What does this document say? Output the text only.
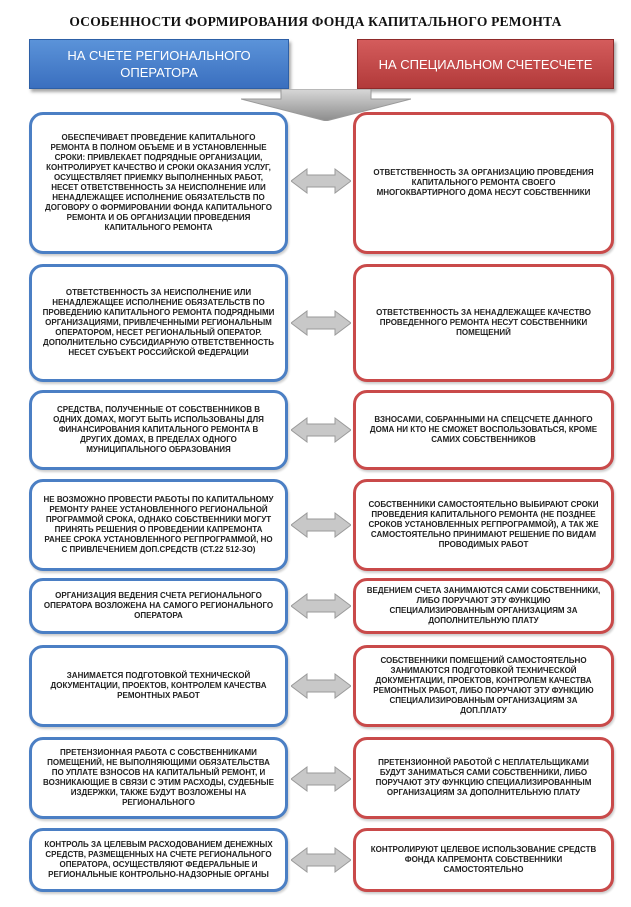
ОСОБЕННОСТИ ФОРМИРОВАНИЯ ФОНДА КАПИТАЛЬНОГО РЕМОНТА
НА СЧЕТЕ РЕГИОНАЛЬНОГО ОПЕРАТОРА
НА СПЕЦИАЛЬНОМ СЧЕТЕСЧЕТЕ
ОБЕСПЕЧИВАЕТ ПРОВЕДЕНИЕ КАПИТАЛЬНОГО РЕМОНТА В ПОЛНОМ ОБЪЕМЕ И В УСТАНОВЛЕННЫЕ СРОКИ: ПРИВЛЕКАЕТ ПОДРЯДНЫЕ ОРГАНИЗАЦИИ, КОНТРОЛИРУЕТ КАЧЕСТВО И СРОКИ ОКАЗАНИЯ УСЛУГ, ОСУЩЕСТВЛЯЕТ ПРИЕМКУ ВЫПОЛНЕННЫХ РАБОТ, НЕСЕТ ОТВЕТСТВЕННОСТЬ ЗА НЕИСПОЛНЕНИЕ ИЛИ НЕНАДЛЕЖАЩЕЕ ИСПОЛНЕНИЕ ОБЯЗАТЕЛЬСТВ ПО ДОГОВОРУ О ФОРМИРОВАНИИ ФОНДА КАПИТАЛЬНОГО РЕМОНТА И ОБ ОРГАНИЗАЦИИ ПРОВЕДЕНИЯ КАПИТАЛЬНОГО РЕМОНТА
ОТВЕТСТВЕННОСТЬ ЗА ОРГАНИЗАЦИЮ ПРОВЕДЕНИЯ КАПИТАЛЬНОГО РЕМОНТА СВОЕГО МНОГОКВАРТИРНОГО ДОМА НЕСУТ СОБСТВЕННИКИ
ОТВЕТСТВЕННОСТЬ ЗА НЕИСПОЛНЕНИЕ ИЛИ НЕНАДЛЕЖАЩЕЕ ИСПОЛНЕНИЕ ОБЯЗАТЕЛЬСТВ ПО ПРОВЕДЕНИЮ КАПИТАЛЬНОГО РЕМОНТА ПОДРЯДНЫМИ ОРГАНИЗАЦИЯМИ, ПРИВЛЕЧЕННЫМИ РЕГИОНАЛЬНЫМ ОПЕРАТОРОМ, НЕСЕТ РЕГИОНАЛЬНЫЙ ОПЕРАТОР. ДОПОЛНИТЕЛЬНО СУБСИДИАРНУЮ ОТВЕТСТВЕННОСТЬ НЕСЕТ СУБЪЕКТ РОССИЙСКОЙ ФЕДЕРАЦИИ
ОТВЕТСТВЕННОСТЬ ЗА НЕНАДЛЕЖАЩЕЕ КАЧЕСТВО ПРОВЕДЕННОГО РЕМОНТА НЕСУТ СОБСТВЕННИКИ ПОМЕЩЕНИЙ
СРЕДСТВА, ПОЛУЧЕННЫЕ ОТ СОБСТВЕННИКОВ В ОДНИХ ДОМАХ, МОГУТ БЫТЬ ИСПОЛЬЗОВАНЫ ДЛЯ ФИНАНСИРОВАНИЯ КАПИТАЛЬНОГО РЕМОНТА В ДРУГИХ ДОМАХ, В ПРЕДЕЛАХ ОДНОГО МУНИЦИПАЛЬНОГО ОБРАЗОВАНИЯ
ВЗНОСАМИ, СОБРАННЫМИ НА СПЕЦСЧЕТЕ ДАННОГО ДОМА НИ КТО НЕ СМОЖЕТ ВОСПОЛЬЗОВАТЬСЯ, КРОМЕ САМИХ СОБСТВЕННИКОВ
НЕ ВОЗМОЖНО ПРОВЕСТИ РАБОТЫ ПО КАПИТАЛЬНОМУ РЕМОНТУ РАНЕЕ УСТАНОВЛЕННОГО РЕГИОНАЛЬНОЙ ПРОГРАММОЙ СРОКА, ОДНАКО СОБСТВЕННИКИ МОГУТ ПРИНЯТЬ РЕШЕНИЯ О ПРОВЕДЕНИИ КАПРЕМОНТА РАНЕЕ СРОКА УСТАНОВЛЕННОГО РЕГПРОГРАММОЙ, НО С ПРИВЛЕЧЕНИЕМ ДОП.СРЕДСТВ (СТ.22 512-ЗО)
СОБСТВЕННИКИ САМОСТОЯТЕЛЬНО ВЫБИРАЮТ СРОКИ ПРОВЕДЕНИЯ КАПИТАЛЬНОГО РЕМОНТА (НЕ ПОЗДНЕЕ СРОКОВ УСТАНОВЛЕННЫХ РЕГПРОГРАММОЙ), А ТАК ЖЕ САМОСТОЯТЕЛЬНО ПРИНИМАЮТ РЕШЕНИЕ ПО ВИДАМ ПРОВОДИМЫХ РАБОТ
ОРГАНИЗАЦИЯ ВЕДЕНИЯ СЧЕТА РЕГИОНАЛЬНОГО ОПЕРАТОРА ВОЗЛОЖЕНА НА САМОГО РЕГИОНАЛЬНОГО ОПЕРАТОРА
ВЕДЕНИЕМ СЧЕТА ЗАНИМАЮТСЯ САМИ СОБСТВЕННИКИ, ЛИБО ПОРУЧАЮТ ЭТУ ФУНКЦИЮ СПЕЦИАЛИЗИРОВАННЫМ ОРГАНИЗАЦИЯМ ЗА ДОПОЛНИТЕЛЬНУЮ ПЛАТУ
ЗАНИМАЕТСЯ ПОДГОТОВКОЙ ТЕХНИЧЕСКОЙ ДОКУМЕНТАЦИИ, ПРОЕКТОВ, КОНТРОЛЕМ КАЧЕСТВА РЕМОНТНЫХ РАБОТ
СОБСТВЕННИКИ ПОМЕЩЕНИЙ САМОСТОЯТЕЛЬНО ЗАНИМАЮТСЯ ПОДГОТОВКОЙ ТЕХНИЧЕСКОЙ ДОКУМЕНТАЦИИ, ПРОЕКТОВ, КОНТРОЛЕМ КАЧЕСТВА РЕМОНТНЫХ РАБОТ, ЛИБО ПОРУЧАЮТ ЭТУ ФУНКЦИЮ СПЕЦИАЛИЗИРОВАННЫМ ОРГАНИЗАЦИЯМ ЗА ДОП.ПЛАТУ
ПРЕТЕНЗИОННАЯ РАБОТА С СОБСТВЕННИКАМИ ПОМЕЩЕНИЙ, НЕ ВЫПОЛНЯЮЩИМИ ОБЯЗАТЕЛЬСТВА ПО УПЛАТЕ ВЗНОСОВ НА КАПИТАЛЬНЫЙ РЕМОНТ, И ВОЗНИКАЮЩИЕ В СВЯЗИ С ЭТИМ РАСХОДЫ, СУДЕБНЫЕ ИЗДЕРЖКИ, ТАКЖЕ БУДУТ ВОЗЛОЖЕНЫ НА РЕГИОНАЛЬНОГО
ПРЕТЕНЗИОННОЙ РАБОТОЙ С НЕПЛАТЕЛЬЩИКАМИ БУДУТ ЗАНИМАТЬСЯ САМИ СОБСТВЕННИКИ, ЛИБО ПОРУЧАЮТ ЭТУ ФУНКЦИЮ СПЕЦИАЛИЗИРОВАННЫМ ОРГАНИЗАЦИЯМ ЗА ДОПОЛНИТЕЛЬНУЮ ПЛАТУ
КОНТРОЛЬ ЗА ЦЕЛЕВЫМ РАСХОДОВАНИЕМ ДЕНЕЖНЫХ СРЕДСТВ, РАЗМЕЩЕННЫХ НА СЧЕТЕ РЕГИОНАЛЬНОГО ОПЕРАТОРА, ОСУЩЕСТВЛЯЮТ ФЕДЕРАЛЬНЫЕ И РЕГИОНАЛЬНЫЕ КОНТРОЛЬНО-НАДЗОРНЫЕ ОРГАНЫ
КОНТРОЛИРУЮТ ЦЕЛЕВОЕ ИСПОЛЬЗОВАНИЕ СРЕДСТВ ФОНДА КАПРЕМОНТА СОБСТВЕННИКИ САМОСТОЯТЕЛЬНО
